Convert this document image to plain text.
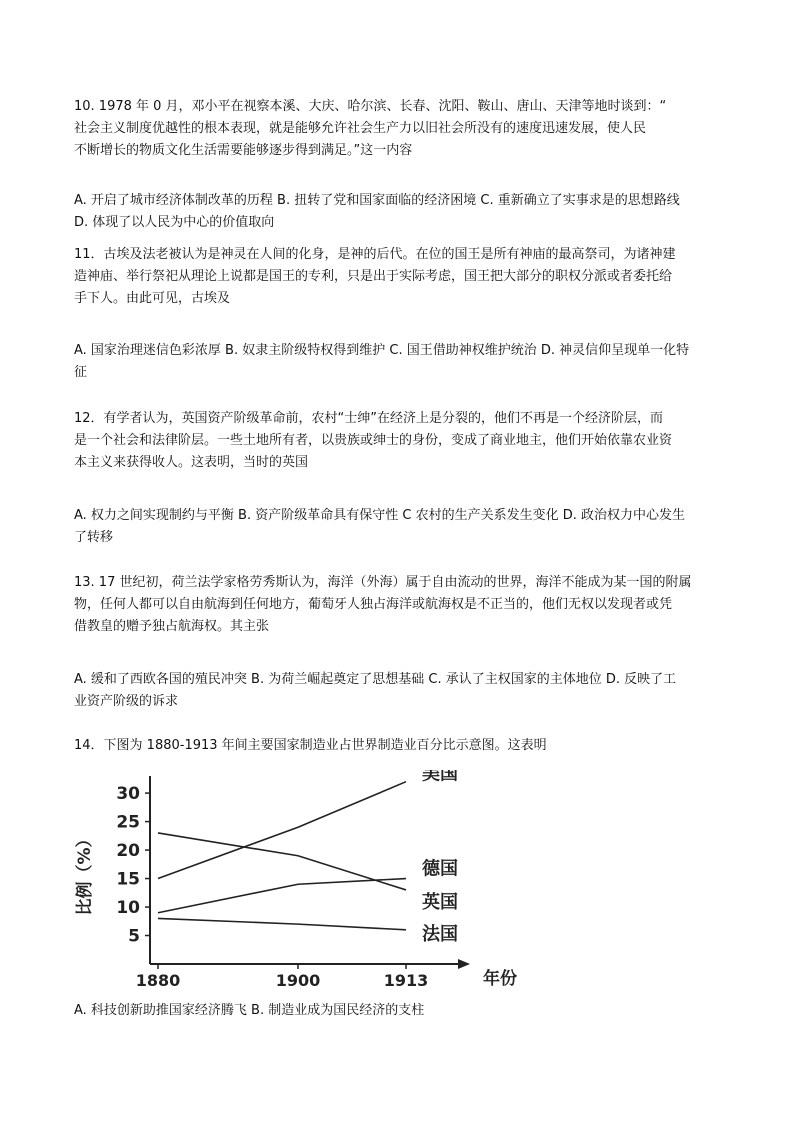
10. 1978 年 0 月，邓小平在视察本溪、大庆、哈尔滨、长春、沈阳、鞍山、唐山、天津等地时谈到：“

社会主义制度优越性的根本表现，就是能够允许社会生产力以旧社会所没有的速度迅速发展，使人民

不断增长的物质文化生活需要能够逐步得到满足。”这一内容

A. 开启了城市经济体制改革的历程 B. 扭转了党和国家面临的经济困境 C. 重新确立了实事求是的思想路线

D. 体现了以人民为中心的价值取向

11．古埃及法老被认为是神灵在人间的化身，是神的后代。在位的国王是所有神庙的最高祭司，为诸神建

造神庙、举行祭祀从理论上说都是国王的专利，只是出于实际考虑，国王把大部分的职权分派或者委托给

手下人。由此可见，古埃及

A. 国家治理迷信色彩浓厚 B. 奴隶主阶级特权得到维护 C. 国王借助神权维护统治 D. 神灵信仰呈现单一化特

征

12．有学者认为，英国资产阶级革命前，农村“士绅”在经济上是分裂的，他们不再是一个经济阶层，而

是一个社会和法律阶层。一些土地所有者，以贵族或绅士的身份，变成了商业地主，他们开始依靠农业资

本主义来获得收人。这表明，当时的英国

A. 权力之间实现制约与平衡 B. 资产阶级革命具有保守性 C 农村的生产关系发生变化 D. 政治权力中心发生

了转移

13. 17 世纪初，荷兰法学家格劳秀斯认为，海洋（外海）属于自由流动的世界，海洋不能成为某一国的附属

物，任何人都可以自由航海到任何地方，葡萄牙人独占海洋或航海权是不正当的，他们无权以发现者或凭

借教皇的赠予独占航海权。其主张

A. 缓和了西欧各国的殖民冲突 B. 为荷兰崛起奠定了思想基础 C. 承认了主权国家的主体地位 D. 反映了工

业资产阶级的诉求

14．下图为 1880-1913 年间主要国家制造业占世界制造业百分比示意图。这表明

年份
比例（%）
5
10
15
20
25
30
1880	1900	1913
美国
德国
英国
法国

A. 科技创新助推国家经济腾飞 B. 制造业成为国民经济的支柱
